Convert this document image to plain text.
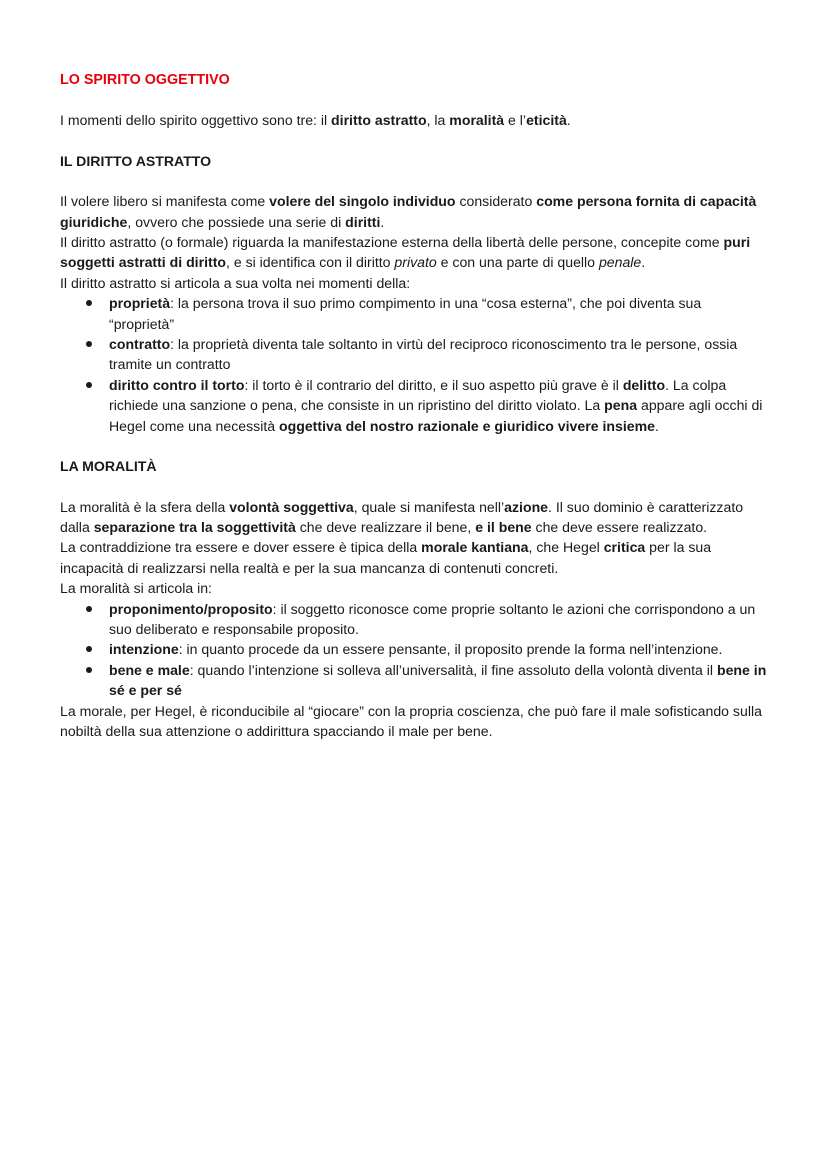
LO SPIRITO OGGETTIVO

I momenti dello spirito oggettivo sono tre: il diritto astratto, la moralità e l’eticità.

IL DIRITTO ASTRATTO

Il volere libero si manifesta come volere del singolo individuo considerato come persona fornita di capacità giuridiche, ovvero che possiede una serie di diritti.

Il diritto astratto (o formale) riguarda la manifestazione esterna della libertà delle persone, concepite come puri soggetti astratti di diritto, e si identifica con il diritto privato e con una parte di quello penale.

Il diritto astratto si articola a sua volta nei momenti della:

proprietà: la persona trova il suo primo compimento in una “cosa esterna”, che poi diventa sua “proprietà”
contratto: la proprietà diventa tale soltanto in virtù del reciproco riconoscimento tra le persone, ossia tramite un contratto
diritto contro il torto: il torto è il contrario del diritto, e il suo aspetto più grave è il delitto. La colpa richiede una sanzione o pena, che consiste in un ripristino del diritto violato. La pena appare agli occhi di Hegel come una necessità oggettiva del nostro razionale e giuridico vivere insieme.
LA MORALITÀ

La moralità è la sfera della volontà soggettiva, quale si manifesta nell’azione. Il suo dominio è caratterizzato dalla separazione tra la soggettività che deve realizzare il bene, e il bene che deve essere realizzato.

La contraddizione tra essere e dover essere è tipica della morale kantiana, che Hegel critica per la sua incapacità di realizzarsi nella realtà e per la sua mancanza di contenuti concreti.

La moralità si articola in:

proponimento/proposito: il soggetto riconosce come proprie soltanto le azioni che corrispondono a un suo deliberato e responsabile proposito.
intenzione: in quanto procede da un essere pensante, il proposito prende la forma nell’intenzione.
bene e male: quando l’intenzione si solleva all’universalità, il fine assoluto della volontà diventa il bene in sé e per sé

La morale, per Hegel, è riconducibile al “giocare” con la propria coscienza, che può fare il male sofisticando sulla nobiltà della sua attenzione o addirittura spacciando il male per bene.
